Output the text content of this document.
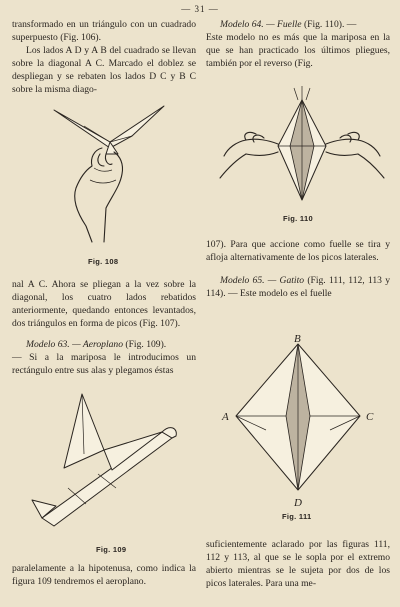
— 31 —

transformado en un triángulo con un cuadrado superpuesto (Fig. 106).

Los lados A D y A B del cuadrado se llevan sobre la diagonal A C. Marcado el doblez se despliegan y se rebaten los lados D C y B C sobre la misma diago-

Fig. 108

nal A C. Ahora se pliegan a la vez sobre la diagonal, los cuatro lados rebatidos anteriormente, quedando entonces levantados, dos triángulos en forma de picos (Fig. 107).

Modelo 63. — Aeroplano (Fig. 109).

— Si a la mariposa le introducimos un rectángulo entre sus alas y plegamos éstas

Fig. 109

paralelamente a la hipotenusa, como indica la figura 109 tendremos el aeroplano.

Modelo 64. — Fuelle (Fig. 110). —

Este modelo no es más que la mariposa en la que se han practicado los últimos pliegues, también por el reverso (Fig.

Fig. 110

107). Para que accione como fuelle se tira y afloja alternativamente de los picos laterales.

Modelo 65. — Gatito (Fig. 111, 112, 113 y 114). — Este modelo es el fuelle

B
A	C
D
Fig. 111

suficientemente aclarado por las figuras 111, 112 y 113, al que se le sopla por el extremo abierto mientras se le sujeta por dos de los picos laterales. Para una me-
